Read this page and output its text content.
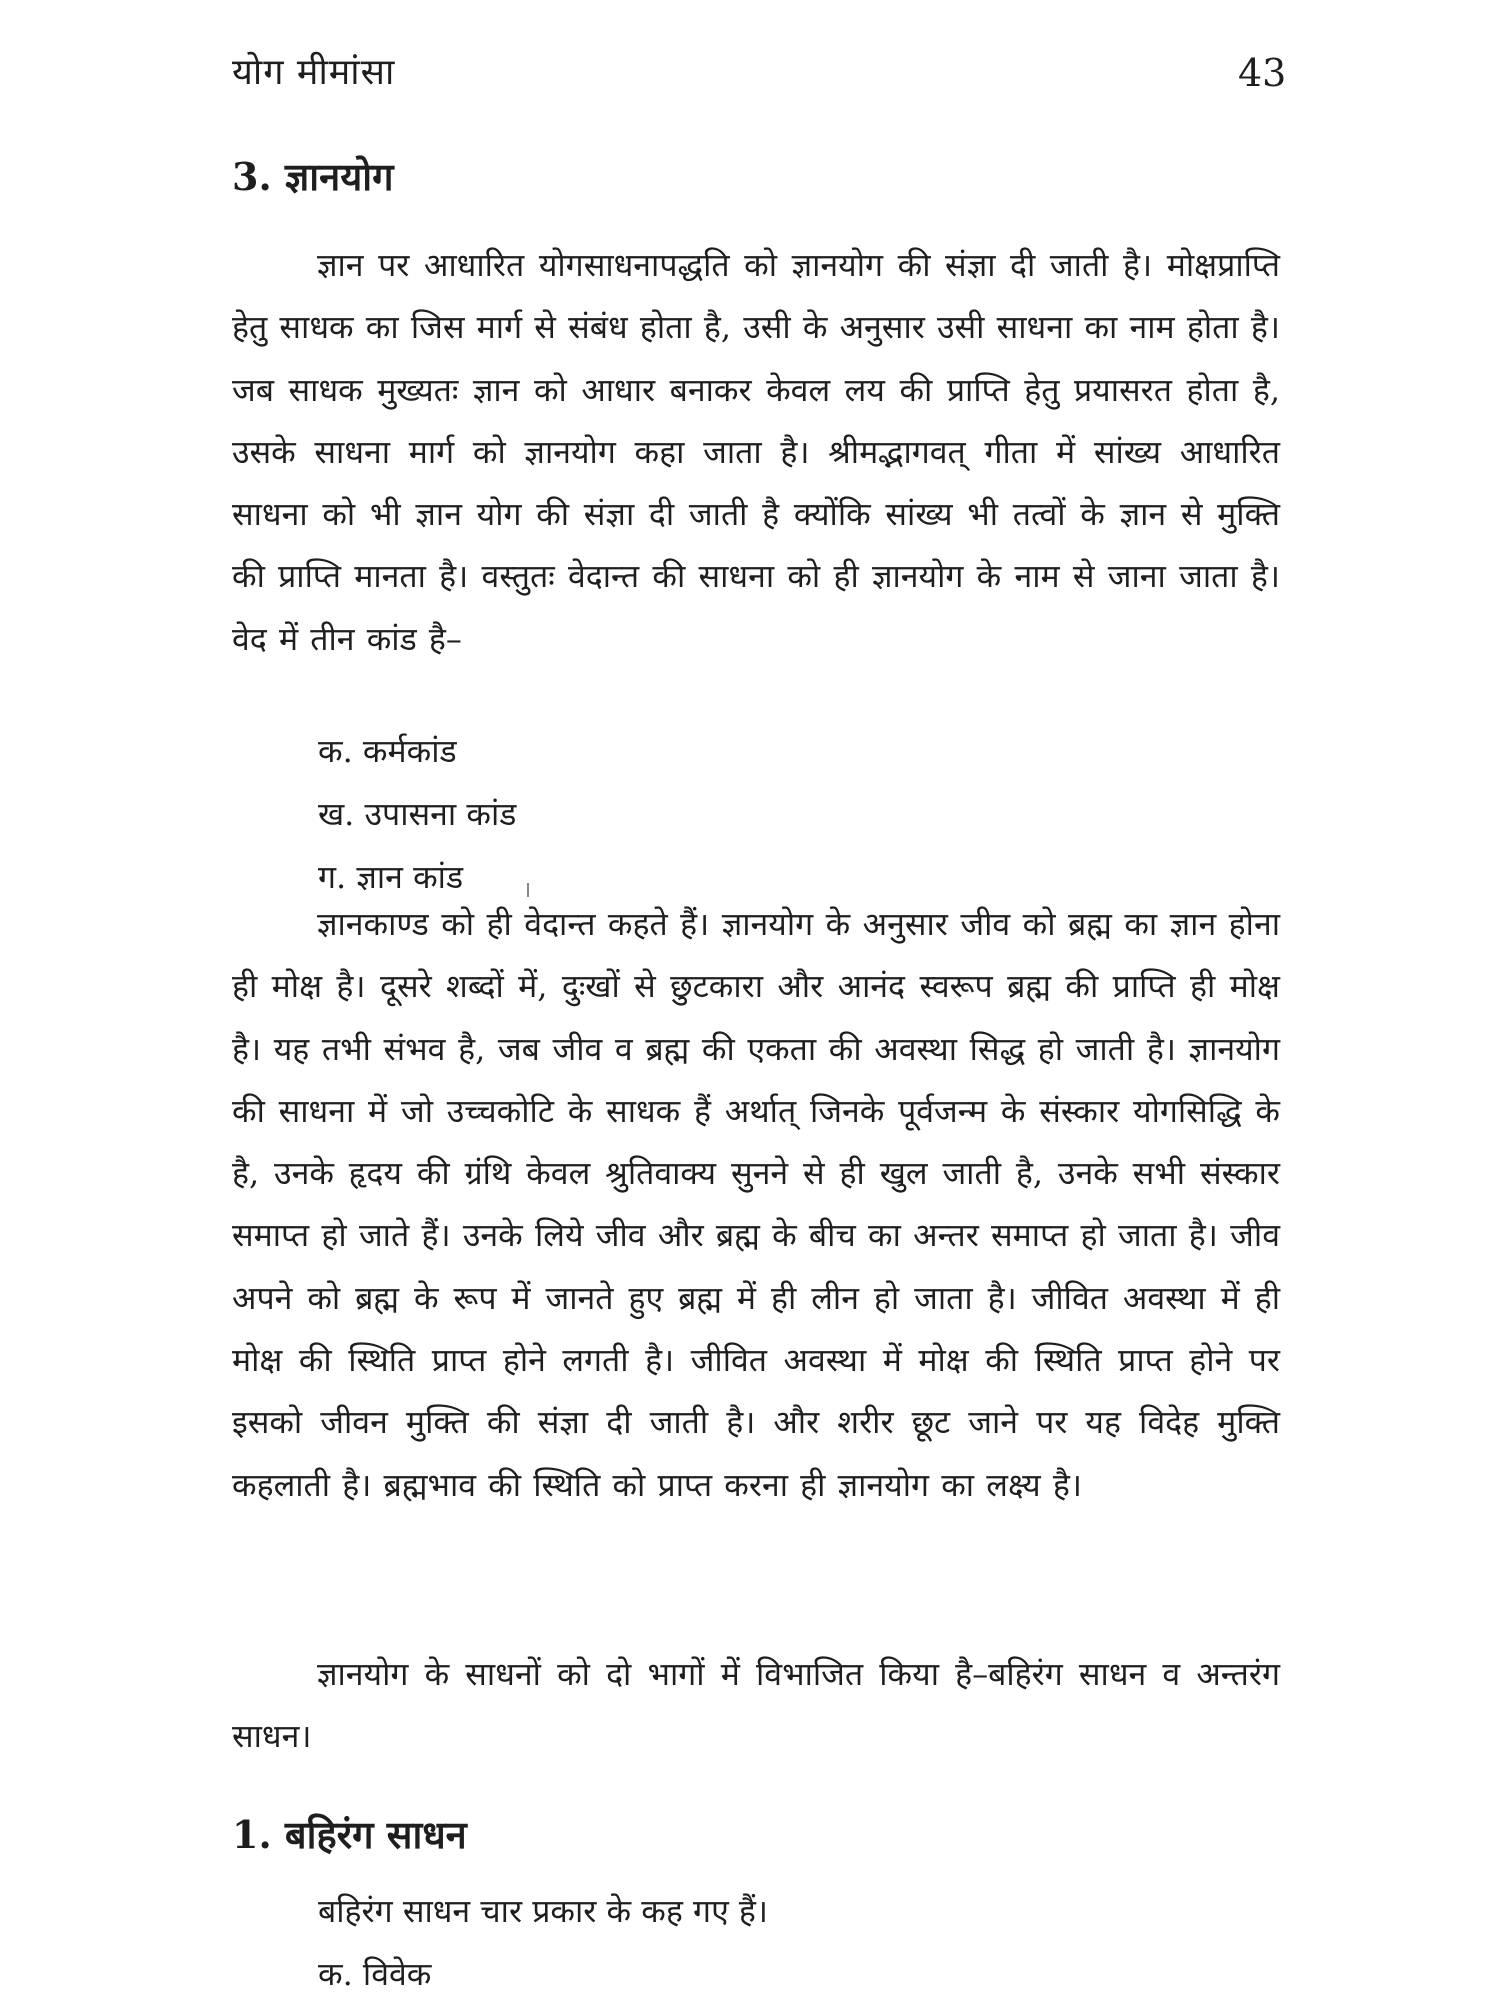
योग मीमांसा	43
3. ज्ञानयोग
ज्ञान पर आधारित योगसाधनापद्धति को ज्ञानयोग की संज्ञा दी जाती है। मोक्षप्राप्ति हेतु साधक का जिस मार्ग से संबंध होता है, उसी के अनुसार उसी साधना का नाम होता है। जब साधक मुख्यतः ज्ञान को आधार बनाकर केवल लय की प्राप्ति हेतु प्रयासरत होता है, उसके साधना मार्ग को ज्ञानयोग कहा जाता है। श्रीमद्भागवत् गीता में सांख्य आधारित साधना को भी ज्ञान योग की संज्ञा दी जाती है क्योंकि सांख्य भी तत्वों के ज्ञान से मुक्ति की प्राप्ति मानता है। वस्तुतः वेदान्त की साधना को ही ज्ञानयोग के नाम से जाना जाता है। वेद में तीन कांड है–
क. कर्मकांड
ख. उपासना कांड
ग. ज्ञान कांड
ज्ञानकाण्ड को ही वेदान्त कहते हैं। ज्ञानयोग के अनुसार जीव को ब्रह्म का ज्ञान होना ही मोक्ष है। दूसरे शब्दों में, दुःखों से छुटकारा और आनंद स्वरूप ब्रह्म की प्राप्ति ही मोक्ष है। यह तभी संभव है, जब जीव व ब्रह्म की एकता की अवस्था सिद्ध हो जाती है। ज्ञानयोग की साधना में जो उच्चकोटि के साधक हैं अर्थात् जिनके पूर्वजन्म के संस्कार योगसिद्धि के है, उनके हृदय की ग्रंथि केवल श्रुतिवाक्य सुनने से ही खुल जाती है, उनके सभी संस्कार समाप्त हो जाते हैं। उनके लिये जीव और ब्रह्म के बीच का अन्तर समाप्त हो जाता है। जीव अपने को ब्रह्म के रूप में जानते हुए ब्रह्म में ही लीन हो जाता है। जीवित अवस्था में ही मोक्ष की स्थिति प्राप्त होने लगती है। जीवित अवस्था में मोक्ष की स्थिति प्राप्त होने पर इसको जीवन मुक्ति की संज्ञा दी जाती है। और शरीर छूट जाने पर यह विदेह मुक्ति कहलाती है। ब्रह्मभाव की स्थिति को प्राप्त करना ही ज्ञानयोग का लक्ष्य है।
ज्ञानयोग के साधनों को दो भागों में विभाजित किया है–बहिरंग साधन व अन्तरंग साधन।
1. बहिरंग साधन
बहिरंग साधन चार प्रकार के कह गए हैं।
क. विवेक
